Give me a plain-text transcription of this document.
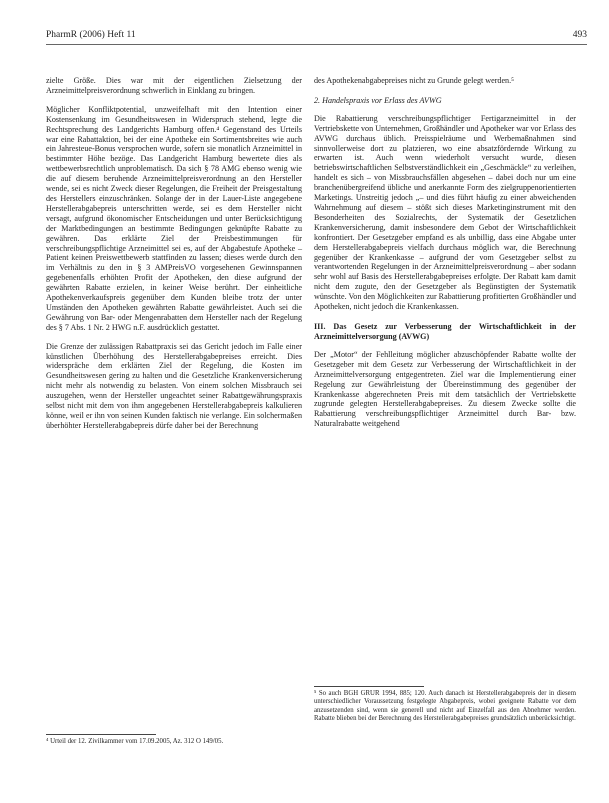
PharmR (2006) Heft 11	493

zielte Größe. Dies war mit der eigentlichen Zielsetzung der Arzneimittelpreisverordnung schwerlich in Einklang zu bringen.

Möglicher Konfliktpotential, unzweifelhaft mit den Intention einer Kostensenkung im Gesundheitswesen in Widerspruch stehend, legte die Rechtsprechung des Landgerichts Hamburg offen.⁴ Gegenstand des Urteils war eine Rabattaktion, bei der eine Apotheke ein Sortimentsbreites wie auch ein Jahresteue-Bonus versprochen wurde, sofern sie monatlich Arzneimittel in bestimmter Höhe bezöge. Das Landgericht Hamburg bewertete dies als wettbewerbsrechtlich unproblematisch. Da sich § 78 AMG ebenso wenig wie die auf diesem beruhende Arzneimittelpreisverordnung an den Hersteller wende, sei es nicht Zweck dieser Regelungen, die Freiheit der Preisgestaltung des Herstellers einzuschränken. Solange der in der Lauer-Liste angegebene Herstellerabgabepreis unterschritten werde, sei es dem Hersteller nicht versagt, aufgrund ökonomischer Entscheidungen und unter Berücksichtigung der Marktbedingungen an bestimmte Bedingungen geknüpfte Rabatte zu gewähren. Das erklärte Ziel der Preisbestimmungen für verschreibungspflichtige Arzneimittel sei es, auf der Abgabestufe Apotheke – Patient keinen Preiswettbewerb stattfinden zu lassen; dieses werde durch den im Verhältnis zu den in § 3 AMPreisVO vorgesehenen Gewinnspannen gegebenenfalls erhöhten Profit der Apotheken, den diese aufgrund der gewährten Rabatte erzielen, in keiner Weise berührt. Der einheitliche Apothekenverkaufspreis gegenüber dem Kunden bleibe trotz der unter Umständen den Apotheken gewährten Rabatte gewährleistet. Auch sei die Gewährung von Bar- oder Mengenrabatten dem Hersteller nach der Regelung des § 7 Abs. 1 Nr. 2 HWG n.F. ausdrücklich gestattet.

Die Grenze der zulässigen Rabattpraxis sei das Gericht jedoch im Falle einer künstlichen Überhöhung des Herstellerabgabepreises erreicht. Dies widerspräche dem erklärten Ziel der Regelung, die Kosten im Gesundheitswesen gering zu halten und die Gesetzliche Krankenversicherung nicht mehr als notwendig zu belasten. Von einem solchen Missbrauch sei auszugehen, wenn der Hersteller ungeachtet seiner Rabattgewährungspraxis selbst nicht mit dem von ihm angegebenen Herstellerabgabepreis kalkulieren könne, weil er ihn von seinen Kunden faktisch nie verlange. Ein solchermaßen überhöhter Herstellerabgabepreis dürfe daher bei der Berechnung

⁴ Urteil der 12. Zivilkammer vom 17.09.2005, Az. 312 O 149/05.

des Apothekenabgabepreises nicht zu Grunde gelegt werden.⁵

2. Handelspraxis vor Erlass des AVWG

Die Rabattierung verschreibungspflichtiger Fertigarzneimittel in der Vertriebskette von Unternehmen, Großhändler und Apotheker war vor Erlass des AVWG durchaus üblich. Preisspielräume und Werbemaßnahmen sind sinnvollerweise dort zu platzieren, wo eine absatzfördernde Wirkung zu erwarten ist. Auch wenn wiederholt versucht wurde, diesen betriebswirtschaftlichen Selbstverständlichkeit ein „Geschmäckle“ zu verleihen, handelt es sich – von Missbrauchsfällen abgesehen – dabei doch nur um eine branchenübergreifend übliche und anerkannte Form des zielgruppenorientierten Marketings. Unstreitig jedoch „– und dies führt häufig zu einer abweichenden Wahrnehmung auf diesem – stößt sich dieses Marketinginstrument mit den Besonderheiten des Sozialrechts, der Systematik der Gesetzlichen Krankenversicherung, damit insbesondere dem Gebot der Wirtschaftlichkeit konfrontiert. Der Gesetzgeber empfand es als unbillig, dass eine Abgabe unter dem Herstellerabgabepreis vielfach durchaus möglich war, die Berechnung gegenüber der Krankenkasse – aufgrund der vom Gesetzgeber selbst zu verantwortenden Regelungen in der Arzneimittelpreisverordnung – aber sodann sehr wohl auf Basis des Herstellerabgabepreises erfolgte. Der Rabatt kam damit nicht dem zugute, den der Gesetzgeber als Begünstigten der Systematik wünschte. Von den Möglichkeiten zur Rabattierung profitierten Großhändler und Apotheken, nicht jedoch die Krankenkassen.

III. Das Gesetz zur Verbesserung der Wirtschaftlichkeit in der Arzneimittelversorgung (AVWG)

Der „Motor“ der Fehlleitung möglicher abzuschöpfender Rabatte wollte der Gesetzgeber mit dem Gesetz zur Verbesserung der Wirtschaftlichkeit in der Arzneimittelversorgung entgegentreten. Ziel war die Implementierung einer Regelung zur Gewährleistung der Übereinstimmung des gegenüber der Krankenkasse abgerechneten Preis mit dem tatsächlich der Vertriebskette zugrunde gelegten Herstellerabgabepreises. Zu diesem Zwecke sollte die Rabattierung verschreibungspflichtiger Arzneimittel durch Bar- bzw. Naturalrabatte weitgehend

⁵ So auch BGH GRUR 1994, 885; 120. Auch danach ist Herstellerabgabepreis der in diesem unterschiedlicher Voraussetzung festgelegte Abgabepreis, wobei geeignete Rabatte vor dem anzusetzenden sind, wenn sie generell und nicht auf Einzelfall aus den Abnehmer werden. Rabatte blieben bei der Berechnung des Herstellerabgabepreises grundsätzlich unberücksichtigt.
